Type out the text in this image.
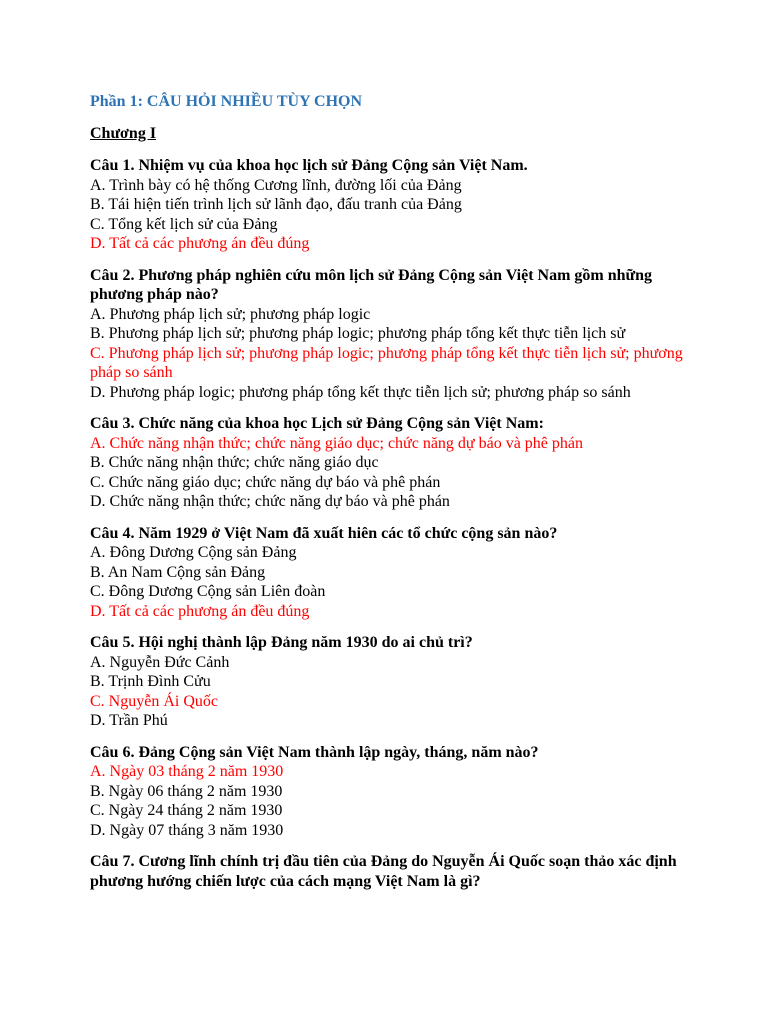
Phần 1: CÂU HỎI NHIỀU TÙY CHỌN
Chương I
Câu 1. Nhiệm vụ của khoa học lịch sử Đảng Cộng sản Việt Nam.
A. Trình bày có hệ thống Cương lĩnh, đường lối của Đảng
B. Tái hiện tiến trình lịch sử lãnh đạo, đấu tranh của Đảng
C. Tổng kết lịch sử của Đảng
D. Tất cả các phương án đều đúng
Câu 2. Phương pháp nghiên cứu môn lịch sử Đảng Cộng sản Việt Nam gồm những phương pháp nào?
A. Phương pháp lịch sử; phương pháp logic
B. Phương pháp lịch sử; phương pháp logic; phương pháp tổng kết thực tiễn lịch sử
C. Phương pháp lịch sử; phương pháp logic; phương pháp tổng kết thực tiễn lịch sử; phương pháp so sánh
D. Phương pháp logic; phương pháp tổng kết thực tiễn lịch sử; phương pháp so sánh
Câu 3. Chức năng của khoa học Lịch sử Đảng Cộng sản Việt Nam:
A. Chức năng nhận thức; chức năng giáo dục; chức năng dự báo và phê phán
B. Chức năng nhận thức; chức năng giáo dục
C. Chức năng giáo dục; chức năng dự báo và phê phán
D. Chức năng nhận thức; chức năng dự báo và phê phán
Câu 4. Năm 1929 ở Việt Nam đã xuất hiên các tổ chức cộng sản nào?
A. Đông Dương Cộng sản Đảng
B. An Nam Cộng sản Đảng
C. Đông Dương Cộng sản Liên đoàn
D. Tất cả các phương án đều đúng
Câu 5. Hội nghị thành lập Đảng năm 1930 do ai chủ trì?
A. Nguyễn Đức Cảnh
B. Trịnh Đình Cửu
C. Nguyễn Ái Quốc
D. Trần Phú
Câu 6. Đảng Cộng sản Việt Nam thành lập ngày, tháng, năm nào?
A. Ngày 03 tháng 2 năm 1930
B. Ngày 06 tháng 2 năm 1930
C. Ngày 24 tháng 2 năm 1930
D. Ngày 07 tháng 3 năm 1930
Câu 7. Cương lĩnh chính trị đầu tiên của Đảng do Nguyễn Ái Quốc soạn thảo xác định phương hướng chiến lược của cách mạng Việt Nam là gì?
